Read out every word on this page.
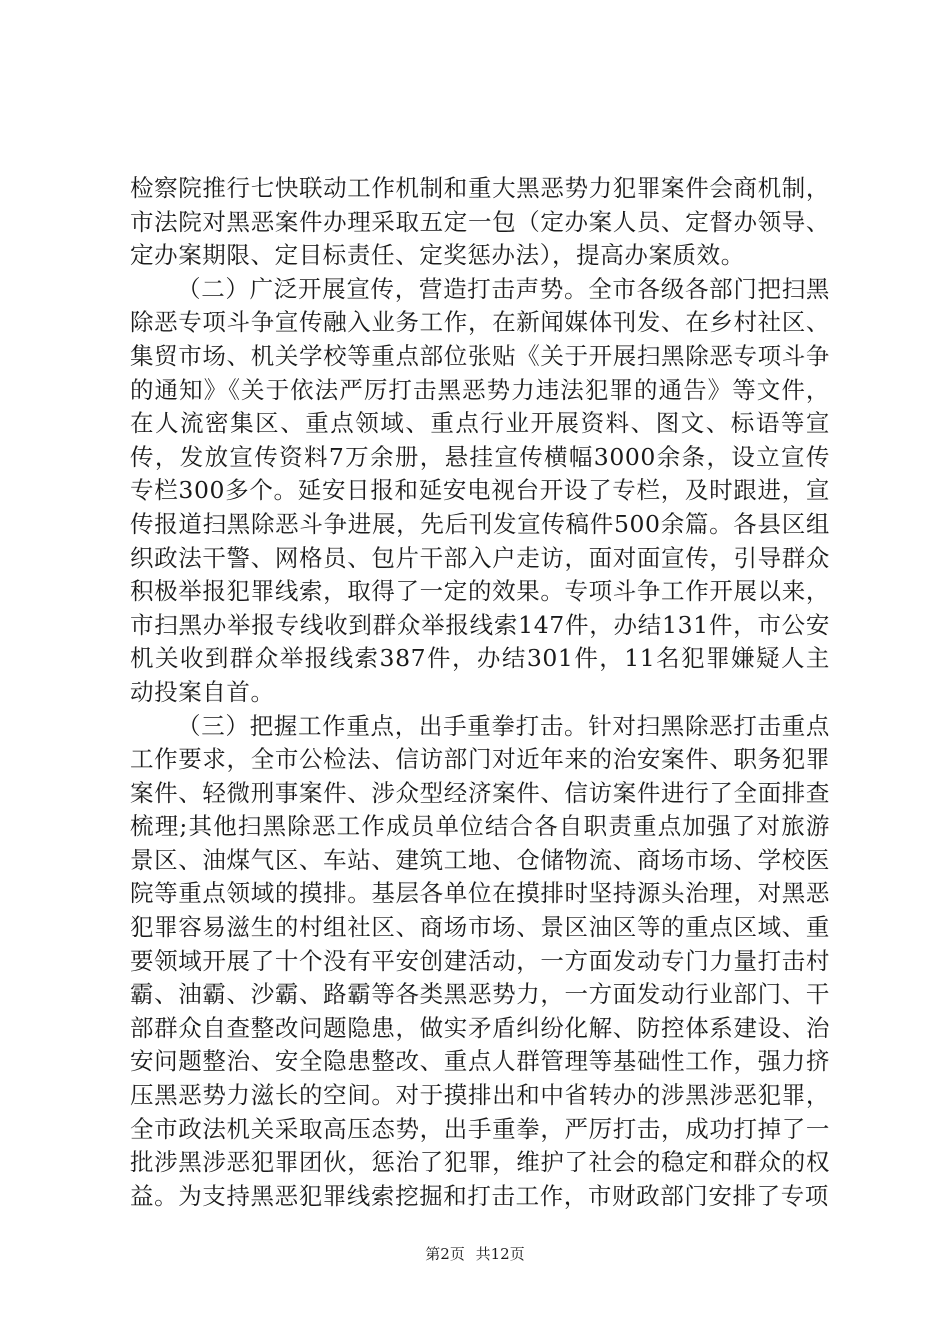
检察院推行七快联动工作机制和重大黑恶势力犯罪案件会商机制，市法院对黑恶案件办理采取五定一包（定办案人员、定督办领导、定办案期限、定目标责任、定奖惩办法），提高办案质效。

（二）广泛开展宣传，营造打击声势。全市各级各部门把扫黑除恶专项斗争宣传融入业务工作，在新闻媒体刊发、在乡村社区、集贸市场、机关学校等重点部位张贴《关于开展扫黑除恶专项斗争的通知》《关于依法严厉打击黑恶势力违法犯罪的通告》等文件，在人流密集区、重点领域、重点行业开展资料、图文、标语等宣传，发放宣传资料7万余册，悬挂宣传横幅3000余条，设立宣传专栏300多个。延安日报和延安电视台开设了专栏，及时跟进，宣传报道扫黑除恶斗争进展，先后刊发宣传稿件500余篇。各县区组织政法干警、网格员、包片干部入户走访，面对面宣传，引导群众积极举报犯罪线索，取得了一定的效果。专项斗争工作开展以来，市扫黑办举报专线收到群众举报线索147件，办结131件，市公安机关收到群众举报线索387件，办结301件，11名犯罪嫌疑人主动投案自首。

（三）把握工作重点，出手重拳打击。针对扫黑除恶打击重点工作要求，全市公检法、信访部门对近年来的治安案件、职务犯罪案件、轻微刑事案件、涉众型经济案件、信访案件进行了全面排查梳理;其他扫黑除恶工作成员单位结合各自职责重点加强了对旅游景区、油煤气区、车站、建筑工地、仓储物流、商场市场、学校医院等重点领域的摸排。基层各单位在摸排时坚持源头治理，对黑恶犯罪容易滋生的村组社区、商场市场、景区油区等的重点区域、重要领域开展了十个没有平安创建活动，一方面发动专门力量打击村霸、油霸、沙霸、路霸等各类黑恶势力，一方面发动行业部门、干部群众自查整改问题隐患，做实矛盾纠纷化解、防控体系建设、治安问题整治、安全隐患整改、重点人群管理等基础性工作，强力挤压黑恶势力滋长的空间。对于摸排出和中省转办的涉黑涉恶犯罪，全市政法机关采取高压态势，出手重拳，严厉打击，成功打掉了一批涉黑涉恶犯罪团伙，惩治了犯罪，维护了社会的稳定和群众的权益。为支持黑恶犯罪线索挖掘和打击工作，市财政部门安排了专项

第2页 共12页
